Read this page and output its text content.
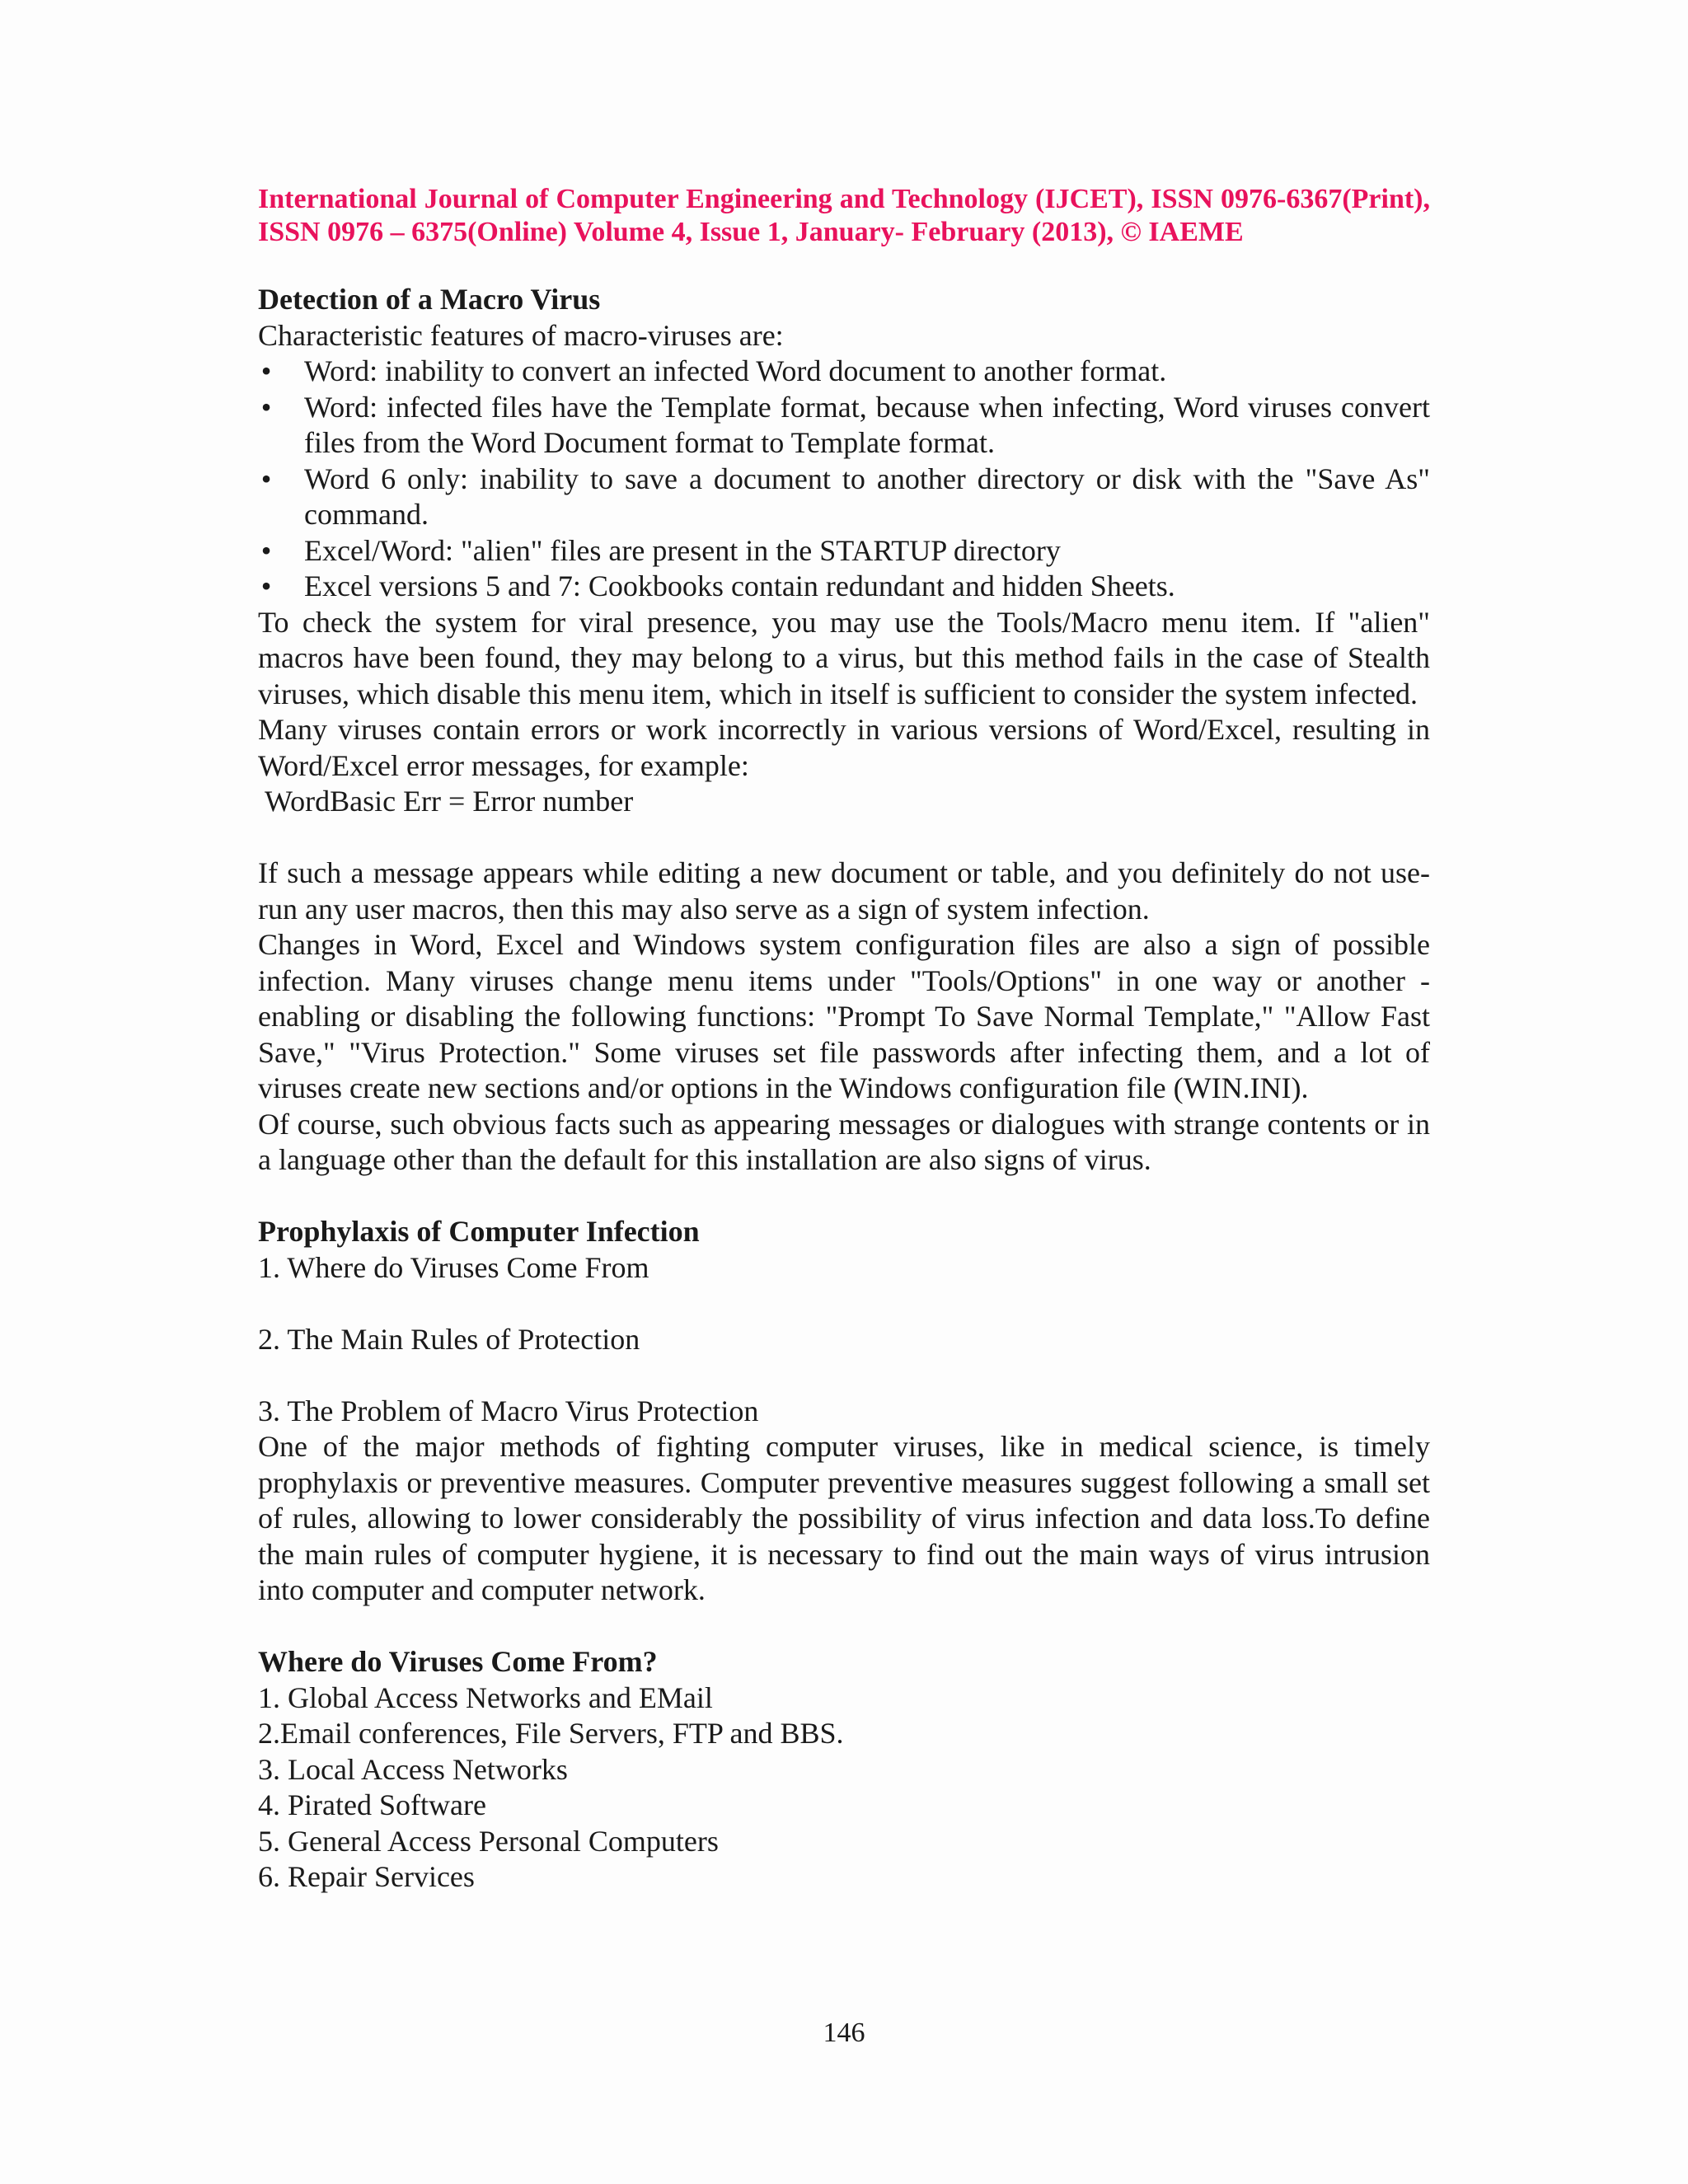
International Journal of Computer Engineering and Technology (IJCET), ISSN 0976-6367(Print), ISSN 0976 – 6375(Online) Volume 4, Issue 1, January- February (2013), © IAEME

Detection of a Macro Virus

Characteristic features of macro-viruses are:

• Word: inability to convert an infected Word document to another format.
• Word: infected files have the Template format, because when infecting, Word viruses convert files from the Word Document format to Template format.
• Word 6 only: inability to save a document to another directory or disk with the "Save As" command.
• Excel/Word: "alien" files are present in the STARTUP directory
• Excel versions 5 and 7: Cookbooks contain redundant and hidden Sheets.

To check the system for viral presence, you may use the Tools/Macro menu item. If "alien" macros have been found, they may belong to a virus, but this method fails in the case of Stealth viruses, which disable this menu item, which in itself is sufficient to consider the system infected.

Many viruses contain errors or work incorrectly in various versions of Word/Excel, resulting in Word/Excel error messages, for example:

WordBasic Err = Error number

If such a message appears while editing a new document or table, and you definitely do not use-run any user macros, then this may also serve as a sign of system infection.

Changes in Word, Excel and Windows system configuration files are also a sign of possible infection. Many viruses change menu items under "Tools/Options" in one way or another - enabling or disabling the following functions: "Prompt To Save Normal Template," "Allow Fast Save," "Virus Protection." Some viruses set file passwords after infecting them, and a lot of viruses create new sections and/or options in the Windows configuration file (WIN.INI).

Of course, such obvious facts such as appearing messages or dialogues with strange contents or in a language other than the default for this installation are also signs of virus.

Prophylaxis of Computer Infection

1. Where do Viruses Come From

2. The Main Rules of Protection

3. The Problem of Macro Virus Protection

One of the major methods of fighting computer viruses, like in medical science, is timely prophylaxis or preventive measures. Computer preventive measures suggest following a small set of rules, allowing to lower considerably the possibility of virus infection and data loss.To define the main rules of computer hygiene, it is necessary to find out the main ways of virus intrusion into computer and computer network.

Where do Viruses Come From?

1. Global Access Networks and EMail

2.Email conferences, File Servers, FTP and BBS.

3. Local Access Networks

4. Pirated Software

5. General Access Personal Computers

6. Repair Services

146
